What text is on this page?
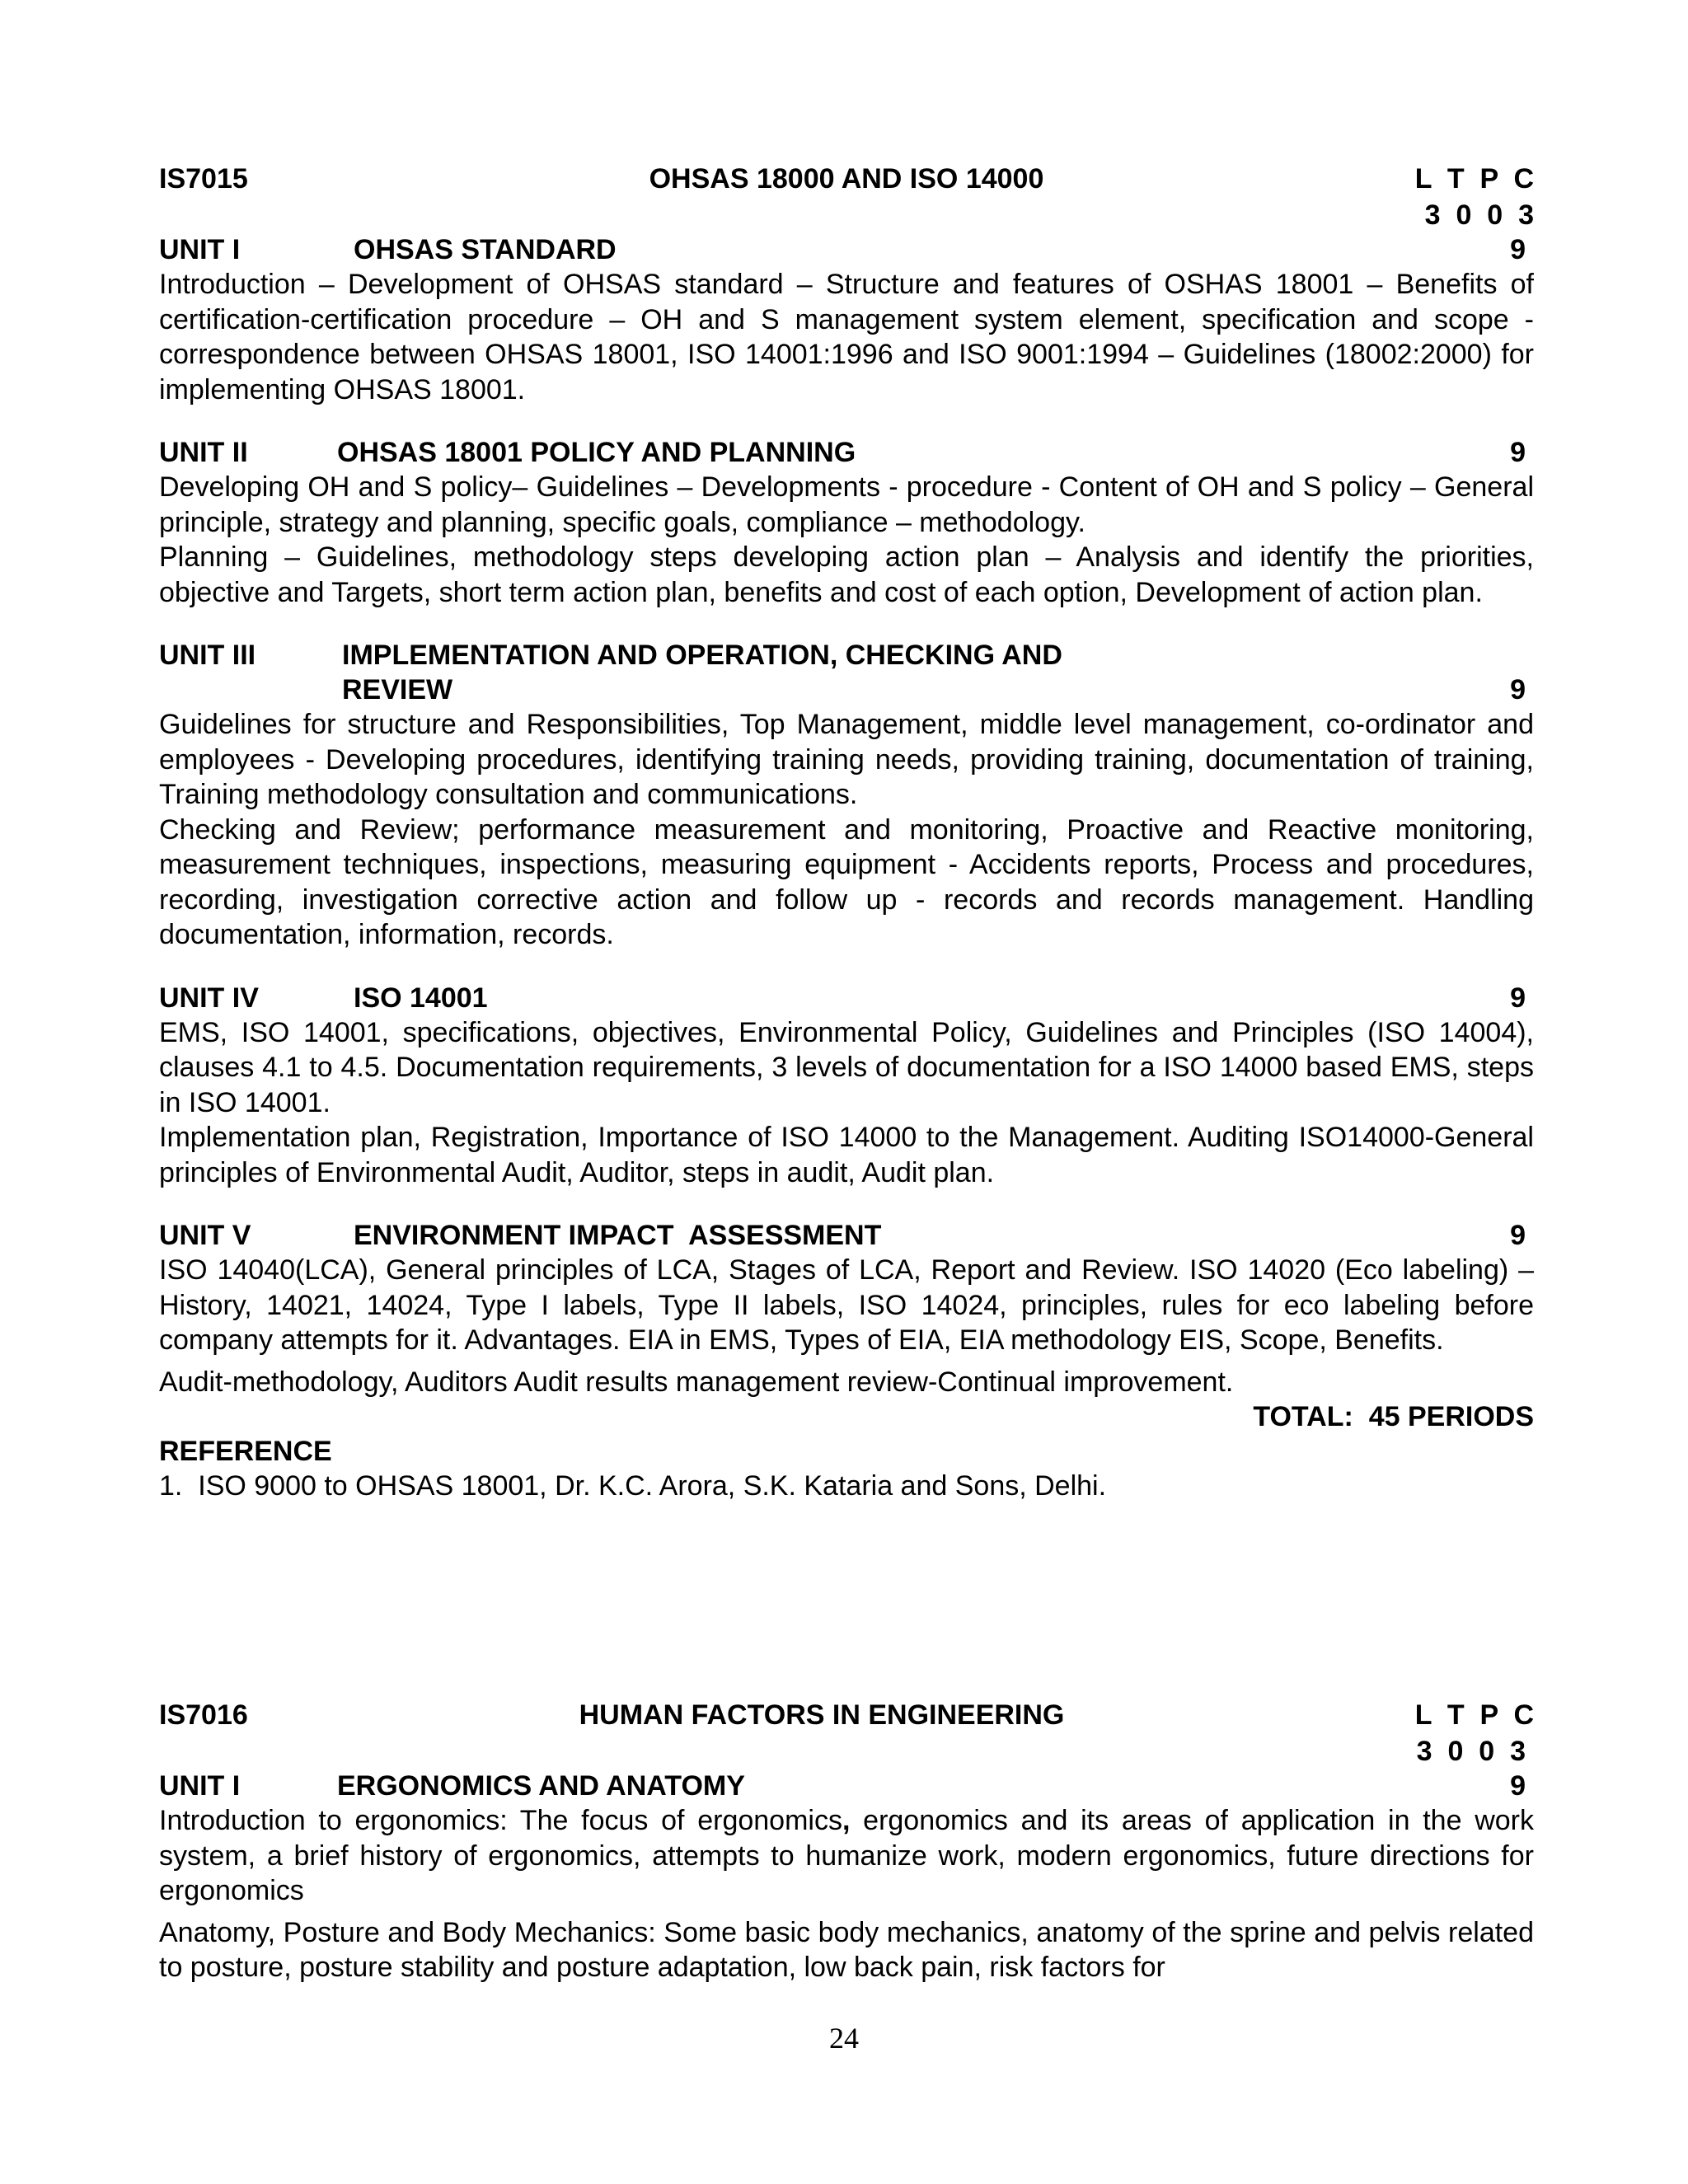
IS7015	OHSAS 18000 AND ISO 14000	L  T  P  C
3  0  0  3
UNIT I	OHSAS STANDARD	9

Introduction – Development of OHSAS standard – Structure and features of OSHAS 18001 – Benefits of certification-certification procedure – OH and S management system element, specification and scope - correspondence between OHSAS 18001, ISO 14001:1996 and ISO 9001:1994 – Guidelines (18002:2000) for implementing OHSAS 18001.

UNIT II	OHSAS 18001 POLICY AND PLANNING	9

Developing OH and S policy– Guidelines – Developments - procedure - Content of OH and S policy – General principle, strategy and planning, specific goals, compliance – methodology.

Planning – Guidelines, methodology steps developing action plan – Analysis and identify the priorities, objective and Targets, short term action plan, benefits and cost of each option, Development of action plan.

UNIT III	IMPLEMENTATION AND OPERATION, CHECKING AND
REVIEW	9

Guidelines for structure and Responsibilities, Top Management, middle level management, co-ordinator and employees - Developing procedures, identifying training needs, providing training, documentation of training, Training methodology consultation and communications.

Checking and Review; performance measurement and monitoring, Proactive and Reactive monitoring, measurement techniques, inspections, measuring equipment - Accidents reports, Process and procedures, recording, investigation corrective action and follow up - records and records management. Handling documentation, information, records.

UNIT IV	ISO 14001	9

EMS, ISO 14001, specifications, objectives, Environmental Policy, Guidelines and Principles (ISO 14004), clauses 4.1 to 4.5. Documentation requirements, 3 levels of documentation for a ISO 14000 based EMS, steps in ISO 14001.

Implementation plan, Registration, Importance of ISO 14000 to the Management. Auditing ISO14000-General principles of Environmental Audit, Auditor, steps in audit, Audit plan.

UNIT V	ENVIRONMENT IMPACT  ASSESSMENT	9

ISO 14040(LCA), General principles of LCA, Stages of LCA, Report and Review. ISO 14020 (Eco labeling) – History, 14021, 14024, Type I labels, Type II labels, ISO 14024, principles, rules for eco labeling before company attempts for it. Advantages. EIA in EMS, Types of EIA, EIA methodology EIS, Scope, Benefits.

Audit-methodology, Auditors Audit results management review-Continual improvement.

TOTAL:  45 PERIODS
REFERENCE
1.  ISO 9000 to OHSAS 18001, Dr. K.C. Arora, S.K. Kataria and Sons, Delhi.
IS7016	HUMAN FACTORS IN ENGINEERING	L  T  P  C
3  0  0  3
UNIT I	ERGONOMICS AND ANATOMY	9

Introduction to ergonomics: The focus of ergonomics, ergonomics and its areas of application in the work system, a brief history of ergonomics, attempts to humanize work, modern ergonomics, future directions for ergonomics

Anatomy, Posture and Body Mechanics: Some basic body mechanics, anatomy of the sprine and pelvis related to posture, posture stability and posture adaptation, low back pain, risk factors for

24
